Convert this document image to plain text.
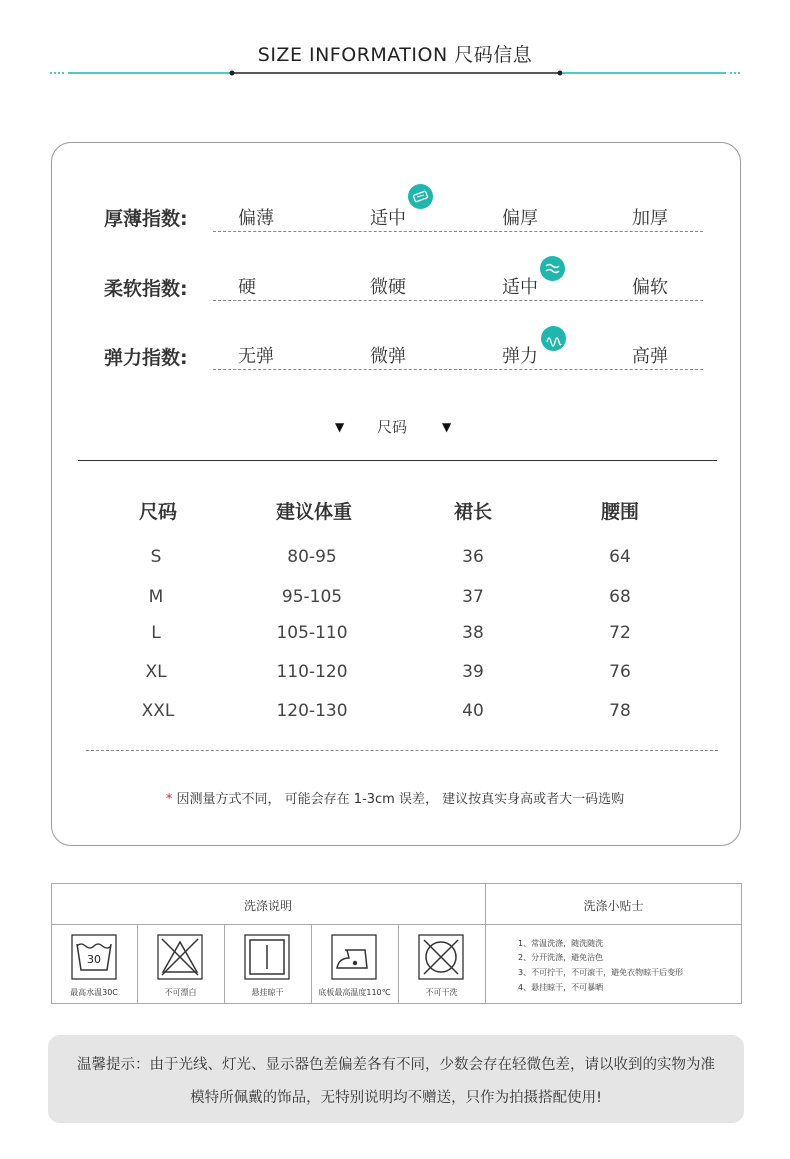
SIZE INFORMATION 尺码信息
厚薄指数:	偏薄	适中	偏厚	加厚
柔软指数:	硬	微硬	适中	偏软
弹力指数:	无弹	微弹	弹力	高弹
▼ 尺码	▼
尺码	建议体重	裙长	腰围
S	80-95	36	64
M	95-105	37	68
L	105-110	38	72
XL	110-120	39	76
XXL	120-130	40	78
* 因测量方式不同， 可能会存在 1-3cm 误差， 建议按真实身高或者大一码选购
洗涤说明	洗涤小贴士
30
最高水温30C	不可漂白	悬挂晾干	底板最高温度110℃	不可干洗
1、常温洗涤，随洗随洗
2、分开洗涤，避免沾色
3、不可拧干，不可滚干，避免衣物晾干后变形
4、悬挂晾干，不可暴晒
温馨提示：由于光线、灯光、显示器色差偏差各有不同，少数会存在轻微色差，请以收到的实物为准
模特所佩戴的饰品，无特别说明均不赠送，只作为拍摄搭配使用!
